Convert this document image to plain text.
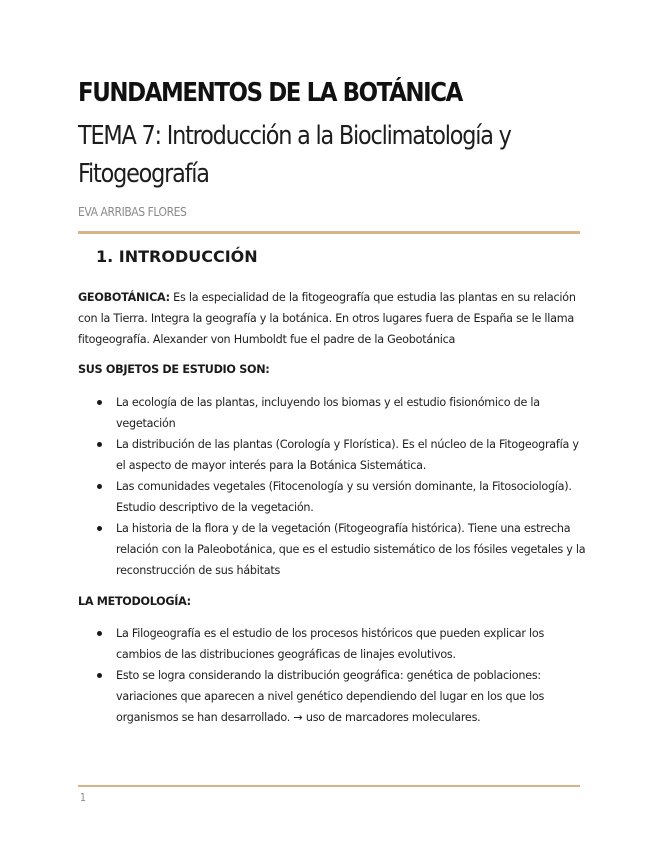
FUNDAMENTOS DE LA BOTÁNICA
TEMA 7: Introducción a la Bioclimatología y Fitogeografía
EVA ARRIBAS FLORES
1. INTRODUCCIÓN
GEOBOTÁNICA: Es la especialidad de la fitogeografía que estudia las plantas en su relación con la Tierra. Integra la geografía y la botánica. En otros lugares fuera de España se le llama fitogeografía. Alexander von Humboldt fue el padre de la Geobotánica
SUS OBJETOS DE ESTUDIO SON:
La ecología de las plantas, incluyendo los biomas y el estudio fisionómico de la vegetación
La distribución de las plantas (Corología y Florística). Es el núcleo de la Fitogeografía y el aspecto de mayor interés para la Botánica Sistemática.
Las comunidades vegetales (Fitocenología y su versión dominante, la Fitosociología). Estudio descriptivo de la vegetación.
La historia de la flora y de la vegetación (Fitogeografía histórica). Tiene una estrecha relación con la Paleobotánica, que es el estudio sistemático de los fósiles vegetales y la reconstrucción de sus hábitats
LA METODOLOGÍA:
La Filogeografía es el estudio de los procesos históricos que pueden explicar los cambios de las distribuciones geográficas de linajes evolutivos.
Esto se logra considerando la distribución geográfica: genética de poblaciones: variaciones que aparecen a nivel genético dependiendo del lugar en los que los organismos se han desarrollado. → uso de marcadores moleculares.
1
